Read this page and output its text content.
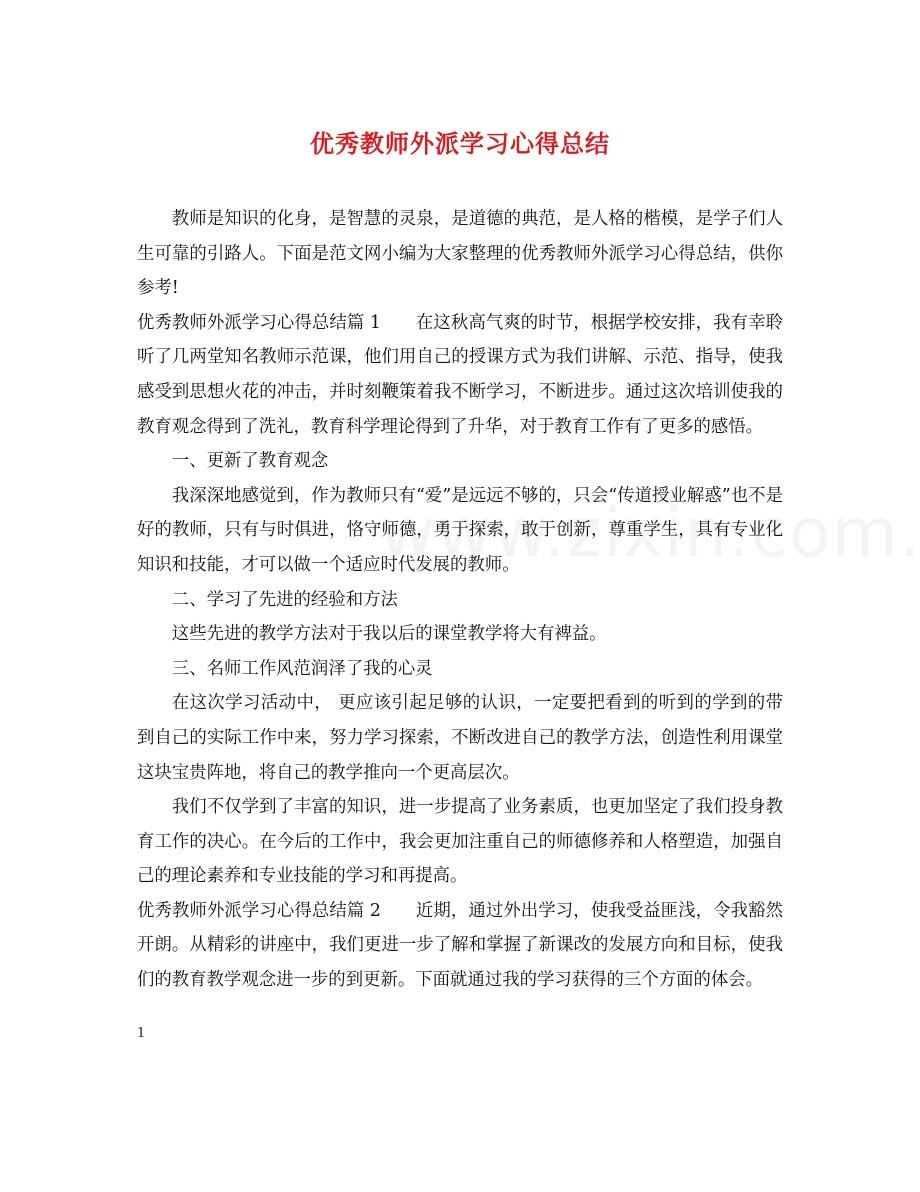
优秀教师外派学习心得总结

教师是知识的化身，是智慧的灵泉，是道德的典范，是人格的楷模，是学子们人生可靠的引路人。下面是范文网小编为大家整理的优秀教师外派学习心得总结，供你参考!

优秀教师外派学习心得总结篇 1 在这秋高气爽的时节，根据学校安排，我有幸聆听了几两堂知名教师示范课，他们用自己的授课方式为我们讲解、示范、指导，使我感受到思想火花的冲击，并时刻鞭策着我不断学习，不断进步。通过这次培训使我的教育观念得到了洗礼，教育科学理论得到了升华，对于教育工作有了更多的感悟。

一、更新了教育观念

我深深地感觉到，作为教师只有“爱”是远远不够的，只会“传道授业解惑”也不是好的教师，只有与时俱进，恪守师德，勇于探索，敢于创新，尊重学生，具有专业化知识和技能，才可以做一个适应时代发展的教师。

二、学习了先进的经验和方法

这些先进的教学方法对于我以后的课堂教学将大有裨益。

三、名师工作风范润泽了我的心灵

在这次学习活动中， 更应该引起足够的认识，一定要把看到的听到的学到的带到自己的实际工作中来，努力学习探索，不断改进自己的教学方法，创造性利用课堂这块宝贵阵地，将自己的教学推向一个更高层次。

我们不仅学到了丰富的知识，进一步提高了业务素质，也更加坚定了我们投身教育工作的决心。在今后的工作中，我会更加注重自己的师德修养和人格塑造，加强自己的理论素养和专业技能的学习和再提高。

优秀教师外派学习心得总结篇 2 近期，通过外出学习，使我受益匪浅，令我豁然开朗。从精彩的讲座中，我们更进一步了解和掌握了新课改的发展方向和目标，使我们的教育教学观念进一步的到更新。下面就通过我的学习获得的三个方面的体会。

1
